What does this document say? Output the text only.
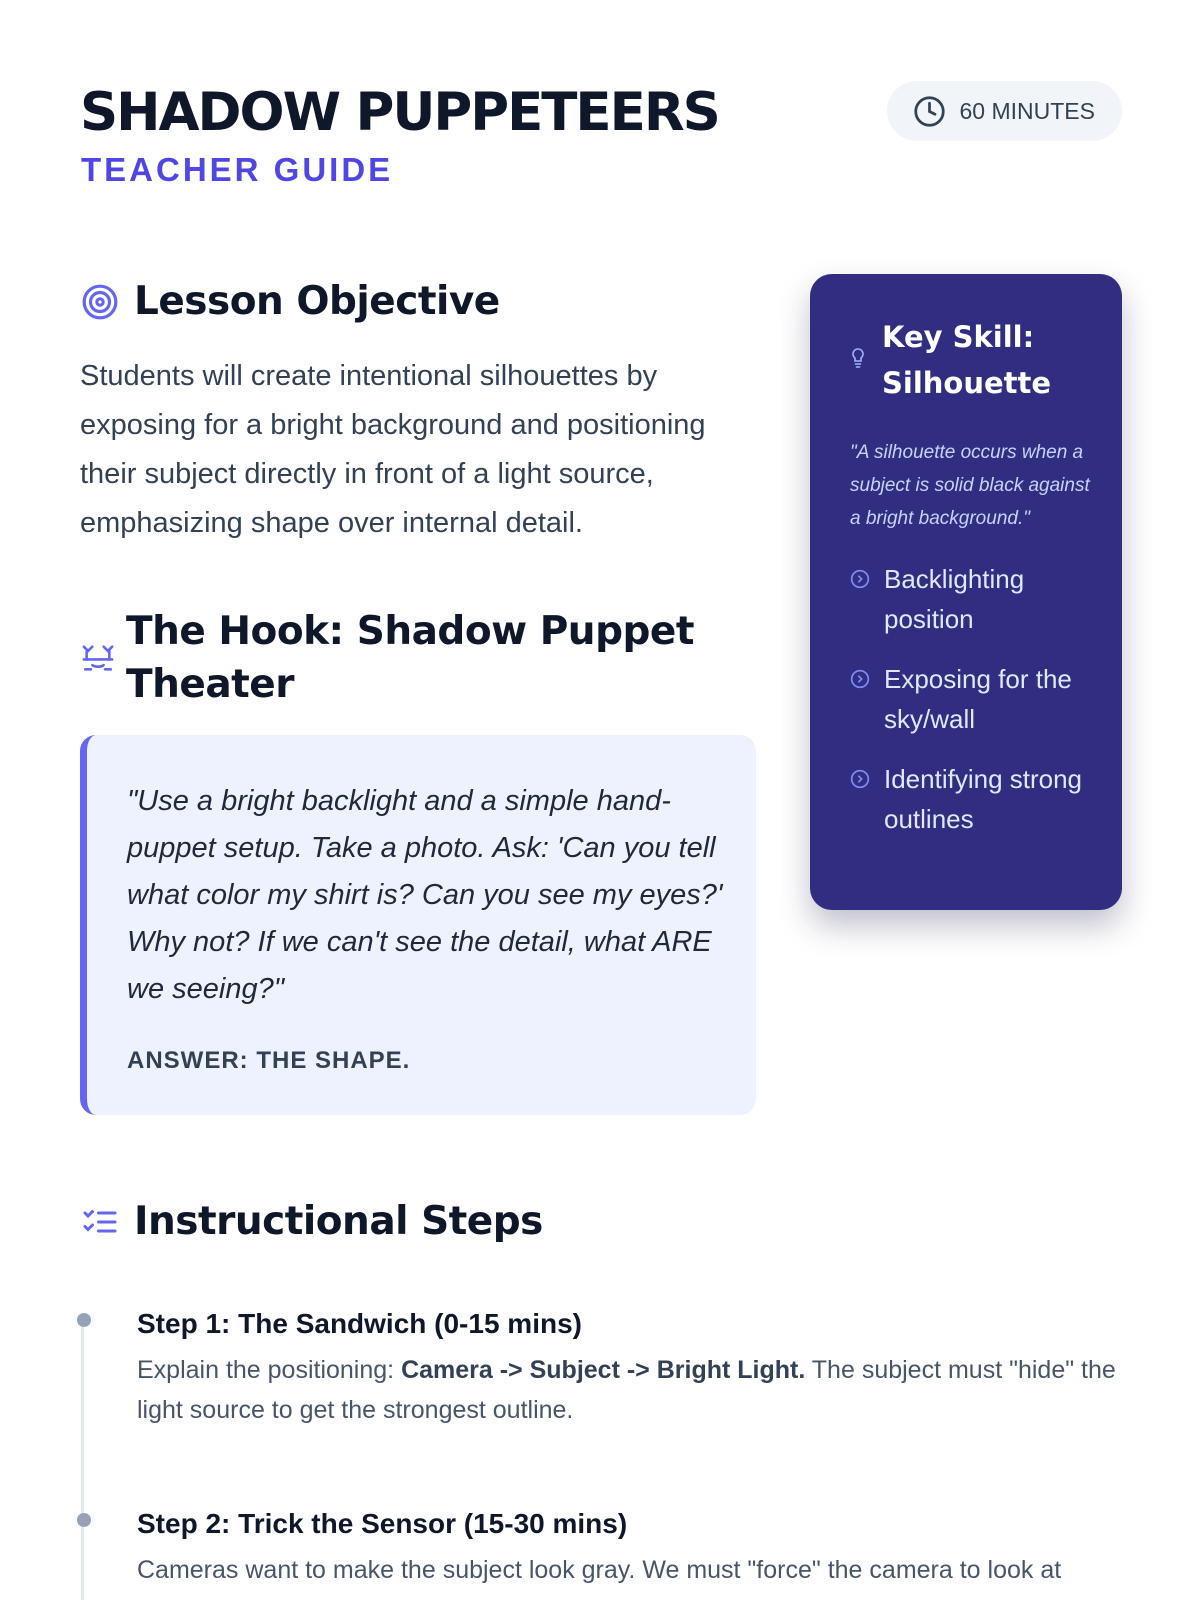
SHADOW PUPPETEERS
TEACHER GUIDE
60 MINUTES
Lesson Objective

Students will create intentional silhouettes by exposing for a bright background and positioning their subject directly in front of a light source, emphasizing shape over internal detail.

The Hook: Shadow Puppet Theater

"Use a bright backlight and a simple hand-puppet setup. Take a photo. Ask: 'Can you tell what color my shirt is? Can you see my eyes?' Why not? If we can't see the detail, what ARE we seeing?"

ANSWER: THE SHAPE.
Key Skill: Silhouette

"A silhouette occurs when a subject is solid black against a bright background."

Backlighting position
Exposing for the sky/wall
Identifying strong outlines
Instructional Steps
Step 1: The Sandwich (0-15 mins)

Explain the positioning: Camera -> Subject -> Bright Light. The subject must "hide" the light source to get the strongest outline.

Step 2: Trick the Sensor (15-30 mins)

Cameras want to make the subject look gray. We must "force" the camera to look at
